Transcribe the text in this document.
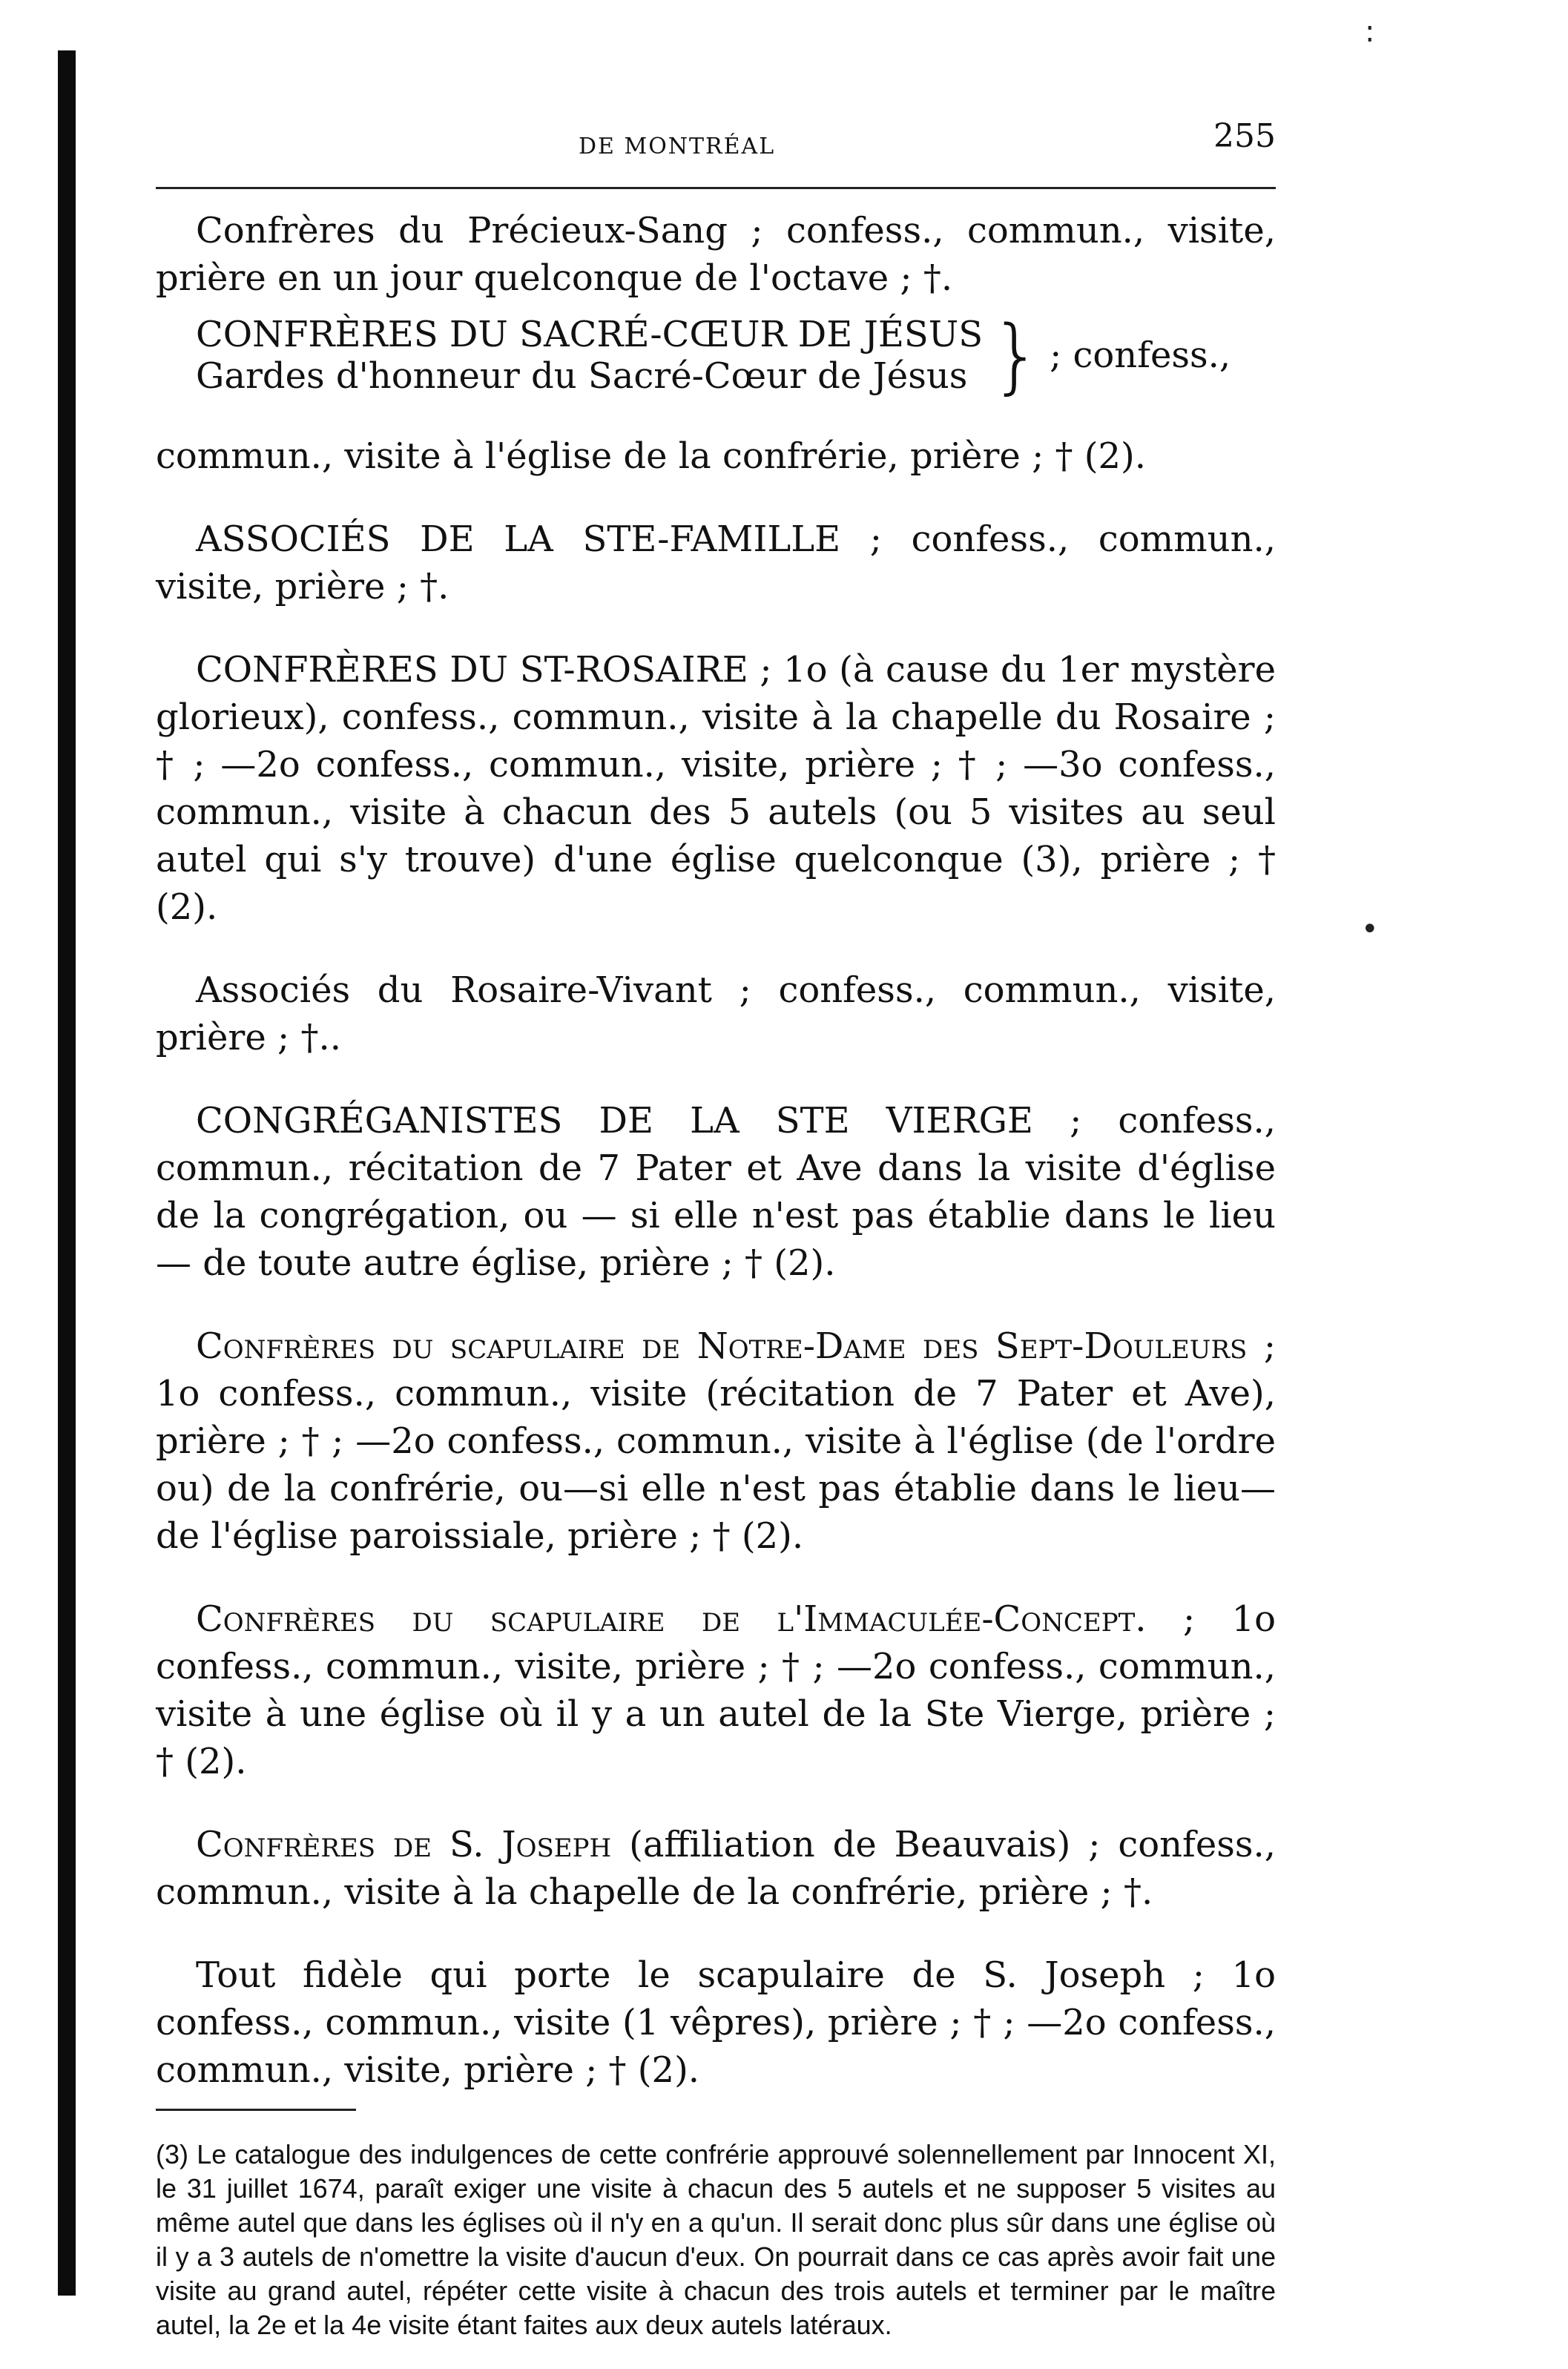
•
:
DE MONTRÉAL	255

Confrères du Précieux-Sang ; confess., commun., visite, prière en un jour quelconque de l'octave ; †.

CONFRÈRES DU SACRÉ-CŒUR DE JÉSUS
Gardes d'honneur du Sacré-Cœur de Jésus } ; confess.,

commun., visite à l'église de la confrérie, prière ; † (2).

ASSOCIÉS DE LA STE-FAMILLE ; confess., commun., visite, prière ; †.

CONFRÈRES DU ST-ROSAIRE ; 1o (à cause du 1er mystère glorieux), confess., commun., visite à la chapelle du Rosaire ; † ; —2o confess., commun., visite, prière ; † ; —3o confess., commun., visite à chacun des 5 autels (ou 5 visites au seul autel qui s'y trouve) d'une église quelconque (3), prière ; † (2).

Associés du Rosaire-Vivant ; confess., commun., visite, prière ; †..

CONGRÉGANISTES DE LA STE VIERGE ; confess., commun., récitation de 7 Pater et Ave dans la visite d'église de la congrégation, ou — si elle n'est pas établie dans le lieu — de toute autre église, prière ; † (2).

Confrères du scapulaire de Notre-Dame des Sept-Douleurs ; 1o confess., commun., visite (récitation de 7 Pater et Ave), prière ; † ; —2o confess., commun., visite à l'église (de l'ordre ou) de la confrérie, ou—si elle n'est pas établie dans le lieu—de l'église paroissiale, prière ; † (2).

Confrères du scapulaire de l'Immaculée-Concept. ; 1o confess., commun., visite, prière ; † ; —2o confess., commun., visite à une église où il y a un autel de la Ste Vierge, prière ; † (2).

Confrères de S. Joseph (affiliation de Beauvais) ; confess., commun., visite à la chapelle de la confrérie, prière ; †.

Tout fidèle qui porte le scapulaire de S. Joseph ; 1o confess., commun., visite (1 vêpres), prière ; † ; —2o confess., commun., visite, prière ; † (2).

(3) Le catalogue des indulgences de cette confrérie approuvé solennellement par Innocent XI, le 31 juillet 1674, paraît exiger une visite à chacun des 5 autels et ne supposer 5 visites au même autel que dans les églises où il n'y en a qu'un. Il serait donc plus sûr dans une église où il y a 3 autels de n'omettre la visite d'aucun d'eux. On pourrait dans ce cas après avoir fait une visite au grand autel, répéter cette visite à chacun des trois autels et terminer par le maître autel, la 2e et la 4e visite étant faites aux deux autels latéraux.
